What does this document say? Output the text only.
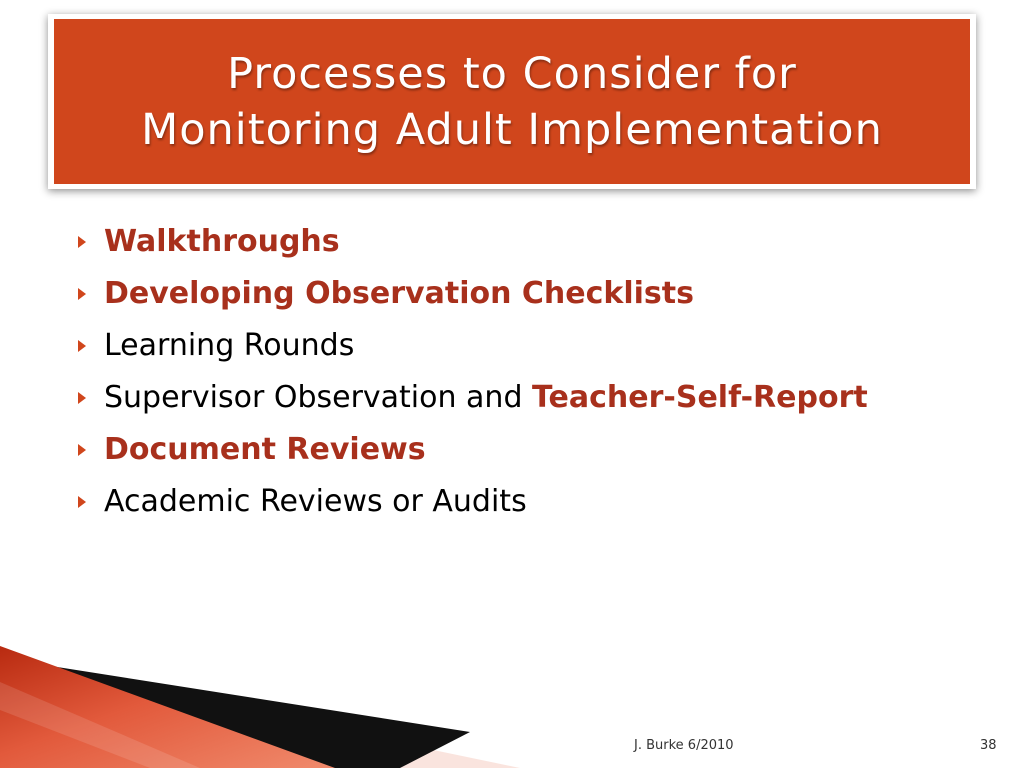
Processes to Consider for
Monitoring Adult Implementation
Walkthroughs
Developing Observation Checklists
Learning Rounds
Supervisor Observation and Teacher-Self-Report
Document Reviews
Academic Reviews or Audits
J. Burke 6/2010	38
